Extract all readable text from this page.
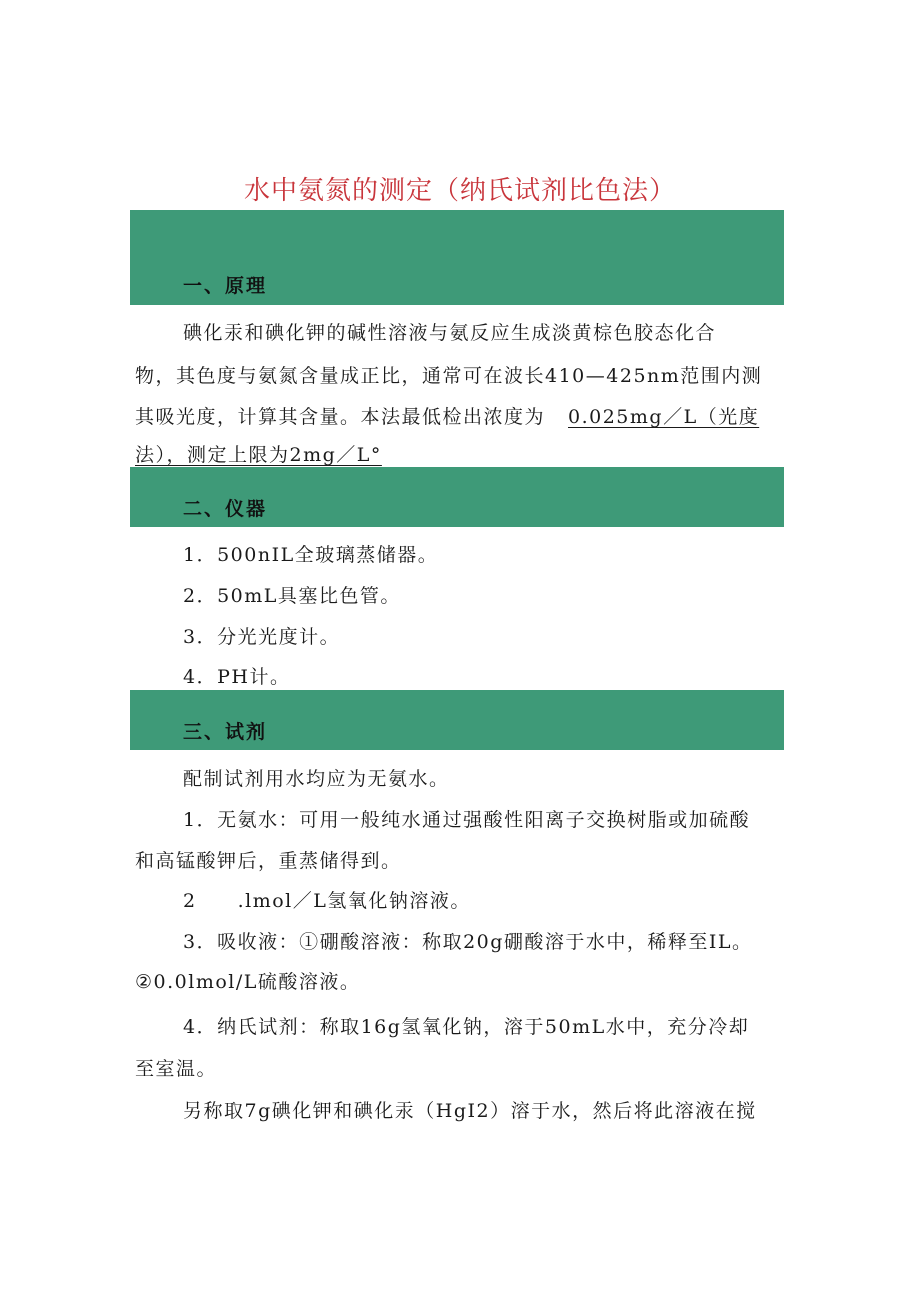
水中氨氮的测定（纳氏试剂比色法）
一、原理
碘化汞和碘化钾的碱性溶液与氨反应生成淡黄棕色胶态化合
物，其色度与氨氮含量成正比，通常可在波长410—425nm范围内测
其吸光度，计算其含量。本法最低检出浓度为 0.025mg／L（光度
法），测定上限为2mg／L°
二、仪器
1．500nIL全玻璃蒸储器。
2．50mL具塞比色管。
3．分光光度计。
4．PH计。
三、试剂
配制试剂用水均应为无氨水。
1．无氨水：可用一般纯水通过强酸性阳离子交换树脂或加硫酸
和高锰酸钾后，重蒸储得到。
2　　.lmol／L氢氧化钠溶液。
3．吸收液：①硼酸溶液：称取20g硼酸溶于水中，稀释至IL。
②0.0lmol/L硫酸溶液。
4．纳氏试剂：称取16g氢氧化钠，溶于50mL水中，充分冷却
至室温。
另称取7g碘化钾和碘化汞（HgI2）溶于水，然后将此溶液在搅
